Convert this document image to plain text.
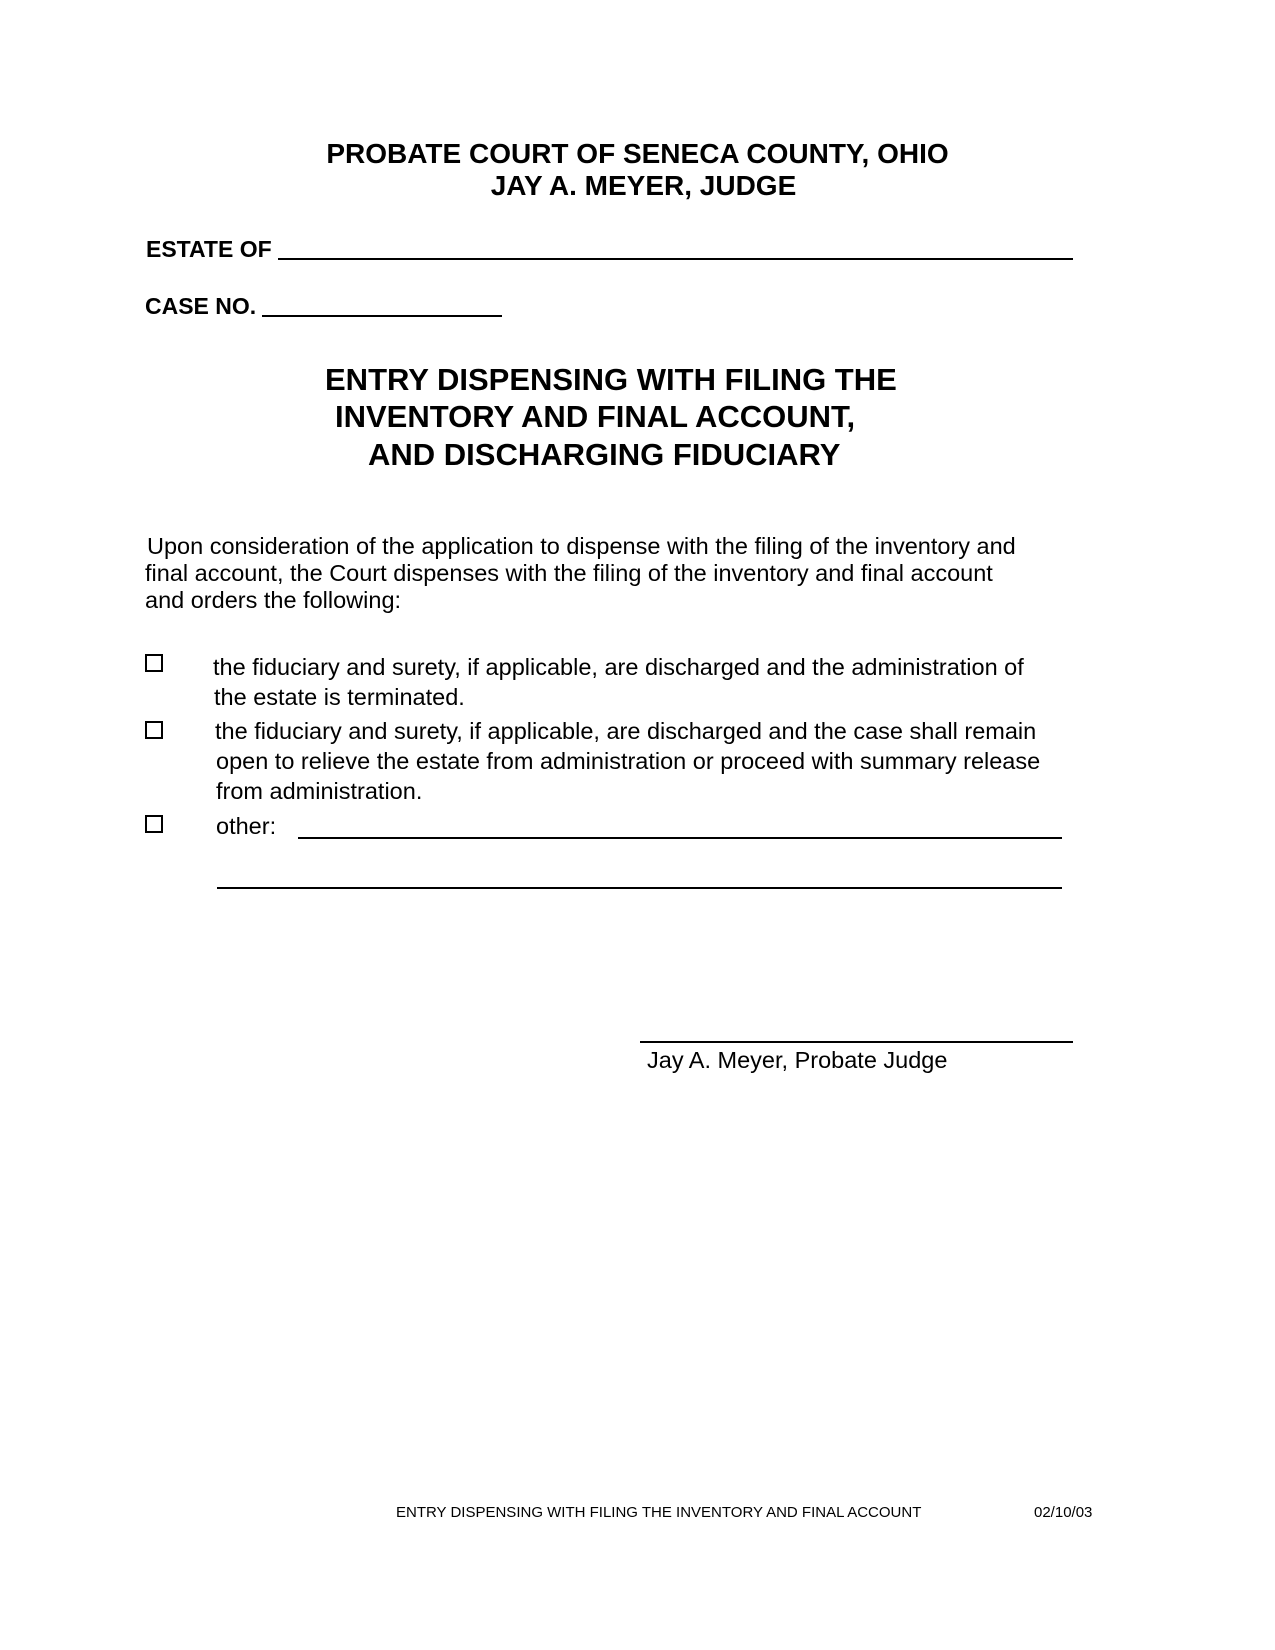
PROBATE COURT OF SENECA COUNTY, OHIO
JAY A. MEYER, JUDGE
ESTATE OF
CASE NO.
ENTRY DISPENSING WITH FILING THE
INVENTORY AND FINAL ACCOUNT,
AND DISCHARGING FIDUCIARY
Upon consideration of the application to dispense with the filing of the inventory and
final account, the Court dispenses with the filing of the inventory and final account
and orders the following:
the fiduciary and surety, if applicable, are discharged and the administration of
the estate is terminated.
the fiduciary and surety, if applicable, are discharged and the case shall remain
open to relieve the estate from administration or proceed with summary release
from administration.
other:
Jay A. Meyer, Probate Judge
ENTRY DISPENSING WITH FILING THE INVENTORY AND FINAL ACCOUNT	02/10/03
